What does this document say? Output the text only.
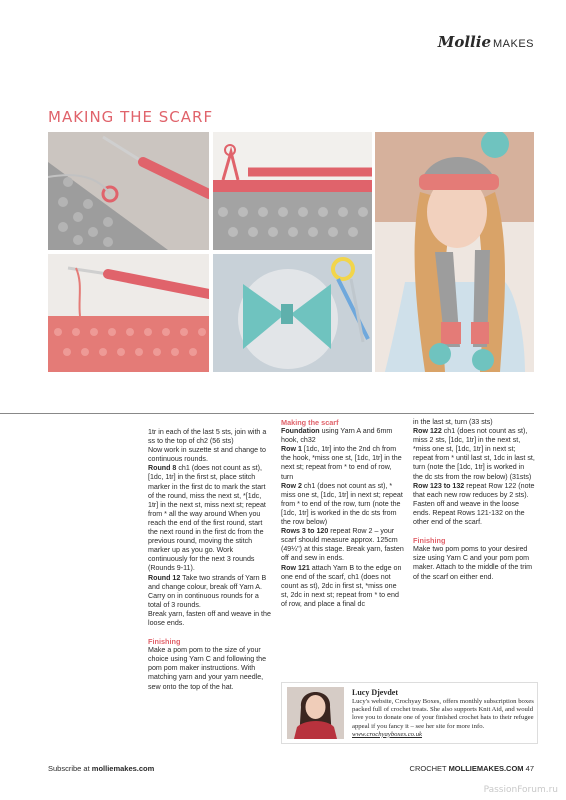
Mollie MAKES
MAKING THE SCARF

1tr in each of the last 5 sts, join with a ss to the top of ch2 (56 sts)

Now work in suzette st and change to continuous rounds.

Round 8 ch1 (does not count as st), [1dc, 1tr] in the first st, place stitch marker in the first dc to mark the start of the round, miss the next st, *[1dc, 1tr] in the next st, miss next st; repeat from * all the way around When you reach the end of the first round, start the next round in the first dc from the previous round, moving the stitch marker up as you go. Work continuously for the next 3 rounds (Rounds 9-11).

Round 12 Take two strands of Yarn B and change colour, break off Yarn A. Carry on in continuous rounds for a total of 3 rounds.

Break yarn, fasten off and weave in the loose ends.

Finishing

Make a pom pom to the size of your choice using Yarn C and following the pom pom maker instructions. With matching yarn and your yarn needle, sew onto the top of the hat.

Making the scarf

Foundation using Yarn A and 6mm hook, ch32

Row 1 [1dc, 1tr] into the 2nd ch from the hook, *miss one st, [1dc, 1tr] in the next st; repeat from * to end of row, turn

Row 2 ch1 (does not count as st), * miss one st, [1dc, 1tr] in next st; repeat from * to end of the row, turn (note the [1dc, 1tr] is worked in the dc sts from the row below)

Rows 3 to 120 repeat Row 2 – your scarf should measure approx. 125cm (49¼") at this stage. Break yarn, fasten off and sew in ends.

Row 121 attach Yarn B to the edge on one end of the scarf, ch1 (does not count as st), 2dc in first st, *miss one st, 2dc in next st; repeat from * to end of row, and place a final dc

in the last st, turn (33 sts)

Row 122 ch1 (does not count as st), miss 2 sts, [1dc, 1tr] in the next st, *miss one st, [1dc, 1tr] in next st; repeat from * until last st, 1dc in last st, turn (note the [1dc, 1tr] is worked in the dc sts from the row below) (31sts)

Row 123 to 132 repeat Row 122 (note that each new row reduces by 2 sts).

Fasten off and weave in the loose ends. Repeat Rows 121-132 on the other end of the scarf.

Finishing

Make two pom poms to your desired size using Yarn C and your pom pom maker. Attach to the middle of the trim of the scarf on either end.

Lucy Djevdet
Lucy's website, Crochyay Boxes, offers monthly subscription boxes packed full of crochet treats. She also supports Knit Aid, and would love you to donate one of your finished crochet hats to their refugee appeal if you fancy it – see her site for more info.
www.crochyayboxes.co.uk
Subscribe at molliemakes.com	CROCHET MOLLIEMAKES.COM 47
PassionForum.ru
